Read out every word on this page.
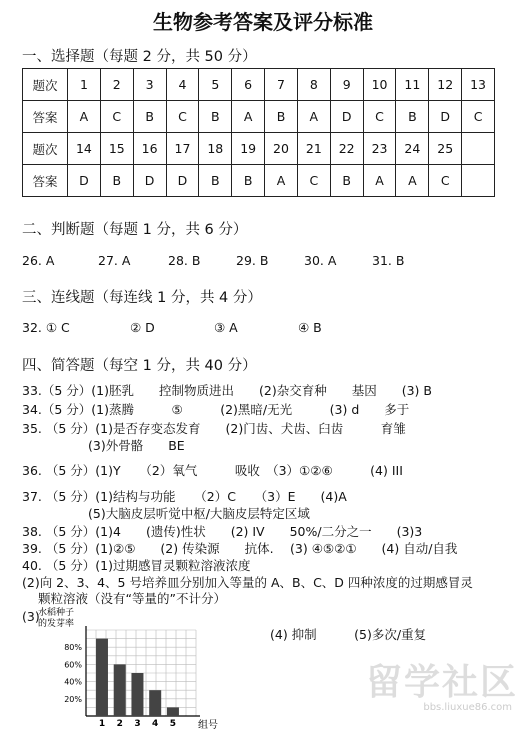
生物参考答案及评分标准
一、选择题（每题 2 分，共 50 分）
题次	1	2	3	4	5	6	7	8	9	10	11	12	13
答案	A	C	B	C	B	A	B	A	D	C	B	D	C
题次	14	15	16	17	18	19	20	21	22	23	24	25	
答案	D	B	D	D	B	B	A	C	B	A	A	C	
二、判断题（每题 1 分，共 6 分）
26. A	27. A	28. B	29. B	30. A	31. B
三、连线题（每连线 1 分，共 4 分）
32. ① C	② D	③ A	④ B
四、简答题（每空 1 分，共 40 分）
33.（5 分）(1)胚乳　　控制物质进出　　(2)杂交育种　　基因　　(3) B
34.（5 分）(1)蒸腾　　　⑤　　　(2)黑暗/无光　　　(3) d　　多于
35. （5 分）(1)是否存变态发育　　(2)门齿、犬齿、臼齿　　　育雏
(3)外骨骼　　BE
36. （5 分）(1)Y　　（2）氧气　　　吸收　（3）①②⑥　　　(4) III
37. （5 分）(1)结构与功能　　（2）C　　（3）E　　(4)A
(5)大脑皮层听觉中枢/大脑皮层特定区域
38. （5 分）(1)4　　(遗传)性状　　(2) IV　　50%/二分之一　　(3)3
39. （5 分）(1)②⑤　　(2) 传染源　　抗体.　 (3) ④⑤②①　　(4) 自动/自我
40. （5 分）(1)过期感冒灵颗粒溶液浓度
(2)向 2、3、4、5 号培养皿分别加入等量的 A、B、C、D 四种浓度的过期感冒灵
颗粒溶液（没有“等量的”不计分）
(3)
(4) 抑制　　　(5)多次/重复
水稻种子
的发芽率
20%
40%
60%
80%
1 2 3 4 5 组号
留学社区
bbs.liuxue86.com
